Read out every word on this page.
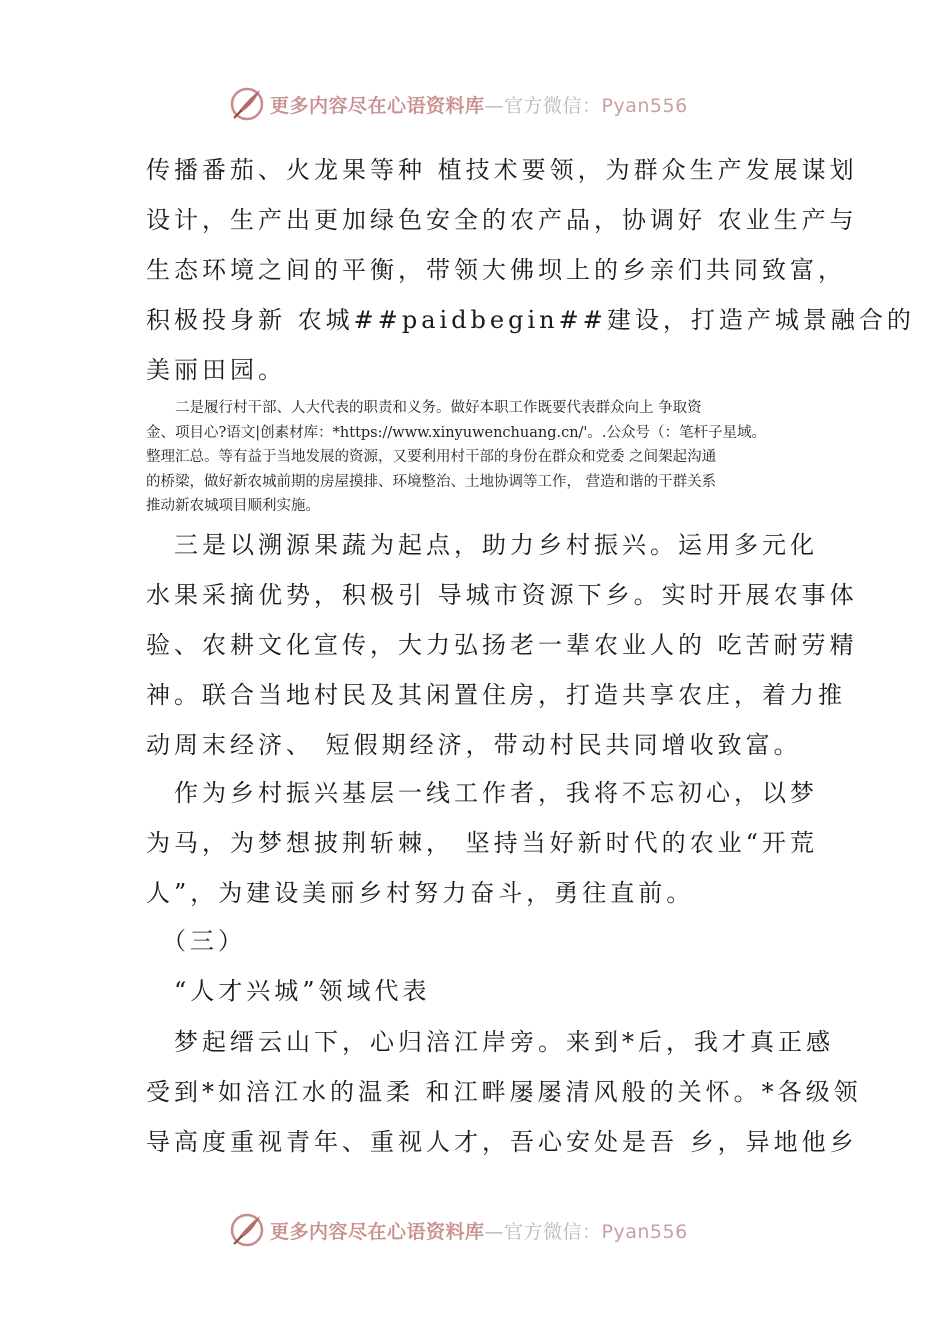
更多内容尽在心语资料库—官方微信：Pyan556
传播番茄、火龙果等种 植技术要领，为群众生产发展谋划
设计，生产出更加绿色安全的农产品，协调好 农业生产与
生态环境之间的平衡，带领大佛坝上的乡亲们共同致富，
积极投身新 农城##paidbegin##建设，打造产城景融合的
美丽田园。
　　二是履行村干部、人大代表的职责和义务。做好本职工作既要代表群众向上 争取资
金、项目心?语文|创素材库：*https://www.xinyuwenchuang.cn/'。.公众号（：笔杆子星域。
整理汇总。等有益于当地发展的资源，又要利用村干部的身份在群众和党委 之间架起沟通
的桥梁，做好新农城前期的房屋摸排、环境整治、土地协调等工作， 营造和谐的干群关系
推动新农城项目顺利实施。
　三是以溯源果蔬为起点，助力乡村振兴。运用多元化
水果采摘优势，积极引 导城市资源下乡。实时开展农事体
验、农耕文化宣传，大力弘扬老一辈农业人的 吃苦耐劳精
神。联合当地村民及其闲置住房，打造共享农庄，着力推
动周末经济、 短假期经济，带动村民共同增收致富。
　作为乡村振兴基层一线工作者，我将不忘初心，以梦
为马，为梦想披荆斩棘， 坚持当好新时代的农业“开荒
人”，为建设美丽乡村努力奋斗，勇往直前。
　（三）
　“人才兴城”领域代表
　梦起缙云山下，心归涪江岸旁。来到*后，我才真正感
受到*如涪江水的温柔 和江畔屡屡清风般的关怀。*各级领
导高度重视青年、重视人才，吾心安处是吾 乡，异地他乡
更多内容尽在心语资料库—官方微信：Pyan556
